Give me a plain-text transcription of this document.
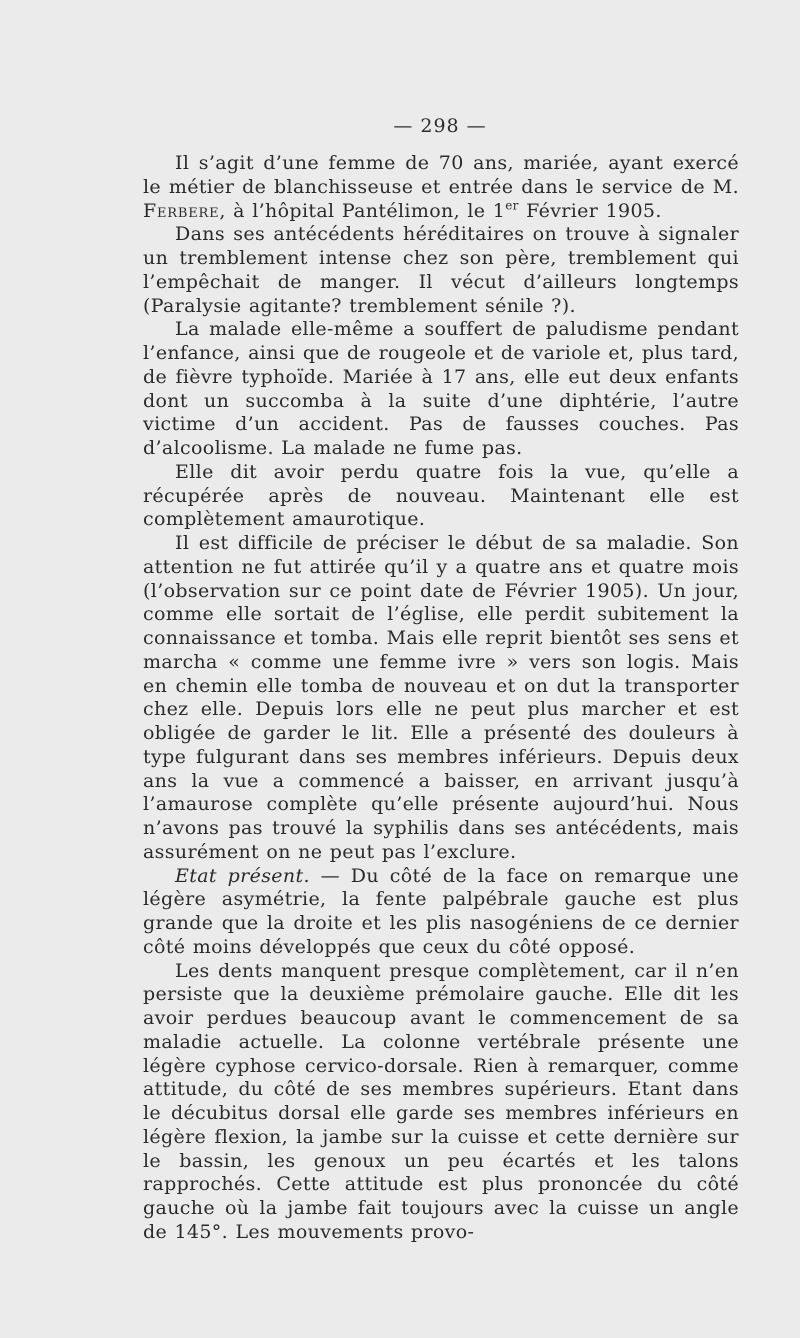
— 298 —

Il s’agit d’une femme de 70 ans, mariée, ayant exercé le métier de blanchisseuse et entrée dans le service de M. Ferbere, à l’hôpital Pantélimon, le 1er Février 1905.

Dans ses antécédents héréditaires on trouve à signaler un tremblement intense chez son père, tremblement qui l’empêchait de manger. Il vécut d’ailleurs longtemps (Paralysie agitante? tremblement sénile ?).

La malade elle-même a souffert de paludisme pendant l’enfance, ainsi que de rougeole et de variole et, plus tard, de fièvre typhoïde. Mariée à 17 ans, elle eut deux enfants dont un succomba à la suite d’une diphtérie, l’autre victime d’un accident. Pas de fausses couches. Pas d’alcoolisme. La malade ne fume pas.

Elle dit avoir perdu quatre fois la vue, qu’elle a récupérée après de nouveau. Maintenant elle est complètement amaurotique.

Il est difficile de préciser le début de sa maladie. Son attention ne fut attirée qu’il y a quatre ans et quatre mois (l’observation sur ce point date de Février 1905). Un jour, comme elle sortait de l’église, elle perdit subitement la connaissance et tomba. Mais elle reprit bientôt ses sens et marcha « comme une femme ivre » vers son logis. Mais en chemin elle tomba de nouveau et on dut la transporter chez elle. Depuis lors elle ne peut plus marcher et est obligée de garder le lit. Elle a présenté des douleurs à type fulgurant dans ses membres inférieurs. Depuis deux ans la vue a commencé a baisser, en arrivant jusqu’à l’amaurose complète qu’elle présente aujourd’hui. Nous n’avons pas trouvé la syphilis dans ses antécédents, mais assurément on ne peut pas l’exclure.

Etat présent. — Du côté de la face on remarque une légère asymétrie, la fente palpébrale gauche est plus grande que la droite et les plis nasogéniens de ce dernier côté moins développés que ceux du côté opposé.

Les dents manquent presque complètement, car il n’en persiste que la deuxième prémolaire gauche. Elle dit les avoir perdues beaucoup avant le commencement de sa maladie actuelle. La colonne vertébrale présente une légère cyphose cervico-dorsale. Rien à remarquer, comme attitude, du côté de ses membres supérieurs. Etant dans le décubitus dorsal elle garde ses membres inférieurs en légère flexion, la jambe sur la cuisse et cette dernière sur le bassin, les genoux un peu écartés et les talons rapprochés. Cette attitude est plus prononcée du côté gauche où la jambe fait toujours avec la cuisse un angle de 145°. Les mouvements provo-
